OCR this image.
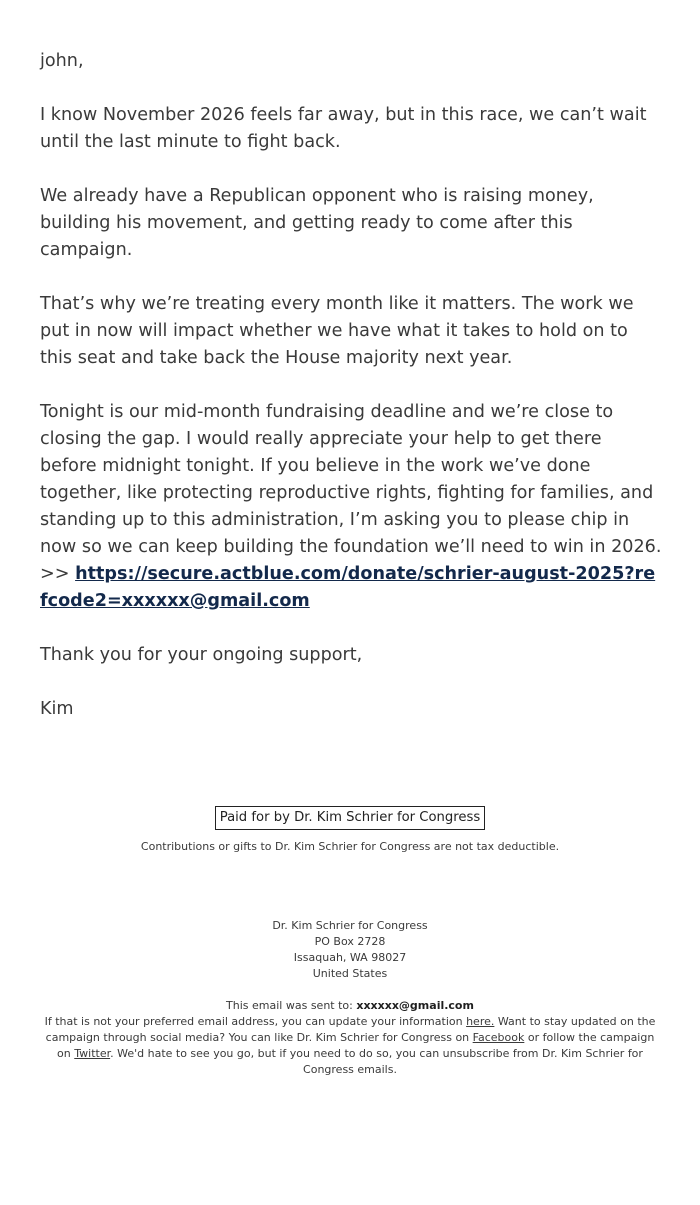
john,

I know November 2026 feels far away, but in this race, we can’t wait until the last minute to fight back.

We already have a Republican opponent who is raising money, building his movement, and getting ready to come after this campaign.

That’s why we’re treating every month like it matters. The work we put in now will impact whether we have what it takes to hold on to this seat and take back the House majority next year.

Tonight is our mid-month fundraising deadline and we’re close to closing the gap. I would really appreciate your help to get there before midnight tonight. If you believe in the work we’ve done together, like protecting reproductive rights, fighting for families, and standing up to this administration, I’m asking you to please chip in now so we can keep building the foundation we’ll need to win in 2026. >> https://secure.actblue.com/donate/schrier-august-2025?refcode2=xxxxxx@gmail.com

Thank you for your ongoing support,

Kim

Paid for by Dr. Kim Schrier for Congress
Contributions or gifts to Dr. Kim Schrier for Congress are not tax deductible.
Dr. Kim Schrier for Congress
PO Box 2728
Issaquah, WA 98027
United States
This email was sent to: xxxxxx@gmail.com
If that is not your preferred email address, you can update your information here. Want to stay updated on the campaign through social media? You can like Dr. Kim Schrier for Congress on Facebook or follow the campaign on Twitter. We'd hate to see you go, but if you need to do so, you can unsubscribe from Dr. Kim Schrier for Congress emails.
